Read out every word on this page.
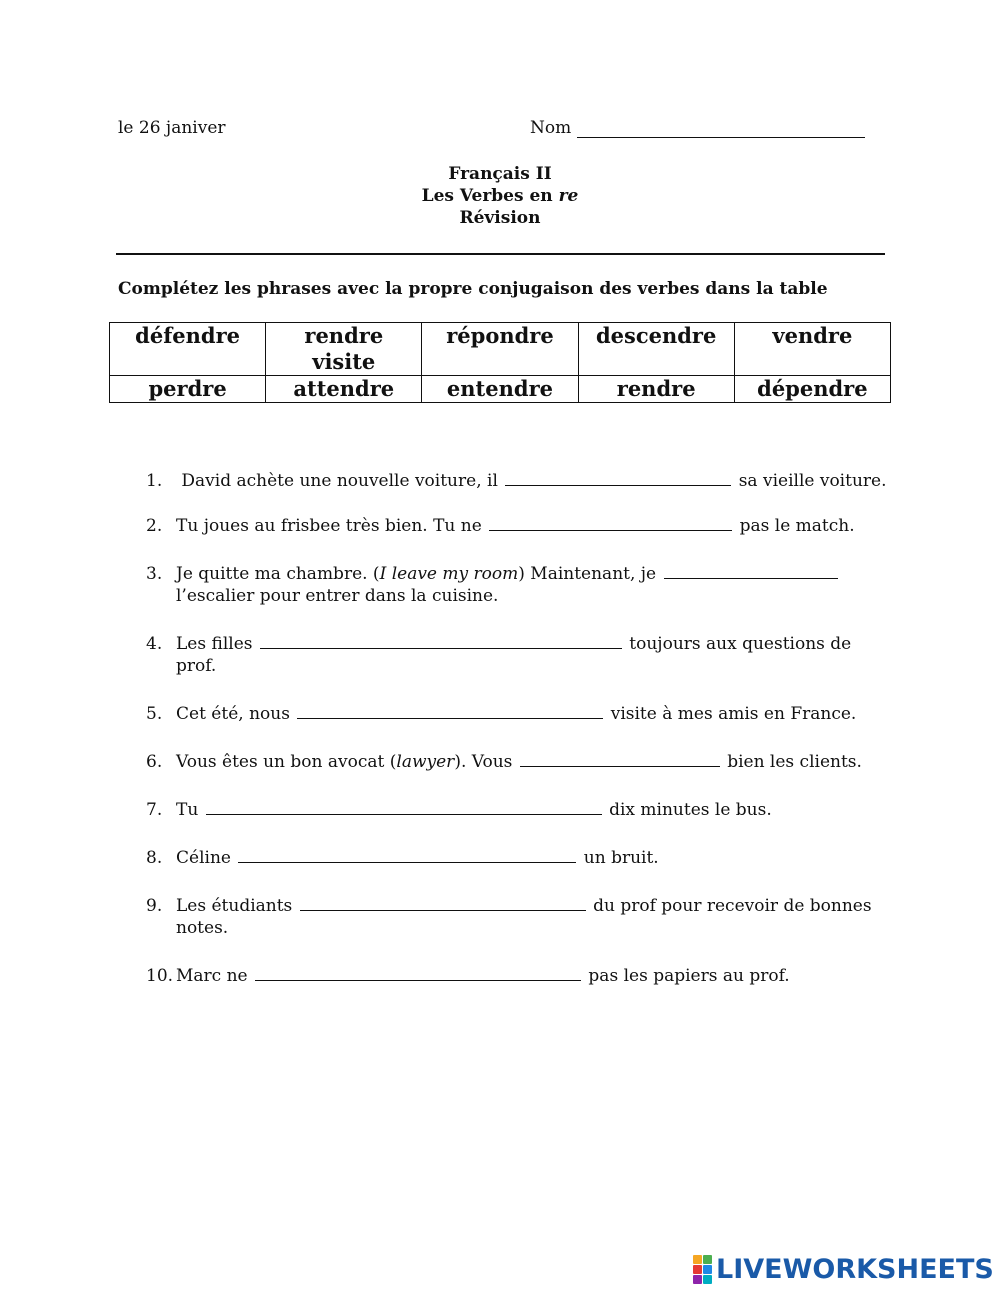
le 26 janiver	Nom
Français II
Les Verbes en re
Révision
Complétez les phrases avec la propre conjugaison des verbes dans la table
défendre	rendre visite	répondre	descendre	vendre
perdre	attendre	entendre	rendre	dépendre
1. David achète une nouvelle voiture, il	sa vieille voiture.
2. Tu joues au frisbee très bien. Tu ne	pas le match.
3. Je quitte ma chambre. (I leave my room) Maintenant, je
l’escalier pour entrer dans la cuisine.
4. Les filles	toujours aux questions de
prof.
5. Cet été, nous	visite à mes amis en France.
6. Vous êtes un bon avocat (lawyer). Vous	bien les clients.
7. Tu	dix minutes le bus.
8. Céline	un bruit.
9. Les étudiants	du prof pour recevoir de bonnes
notes.
10. Marc ne	pas les papiers au prof.
LIVEWORKSHEETS
